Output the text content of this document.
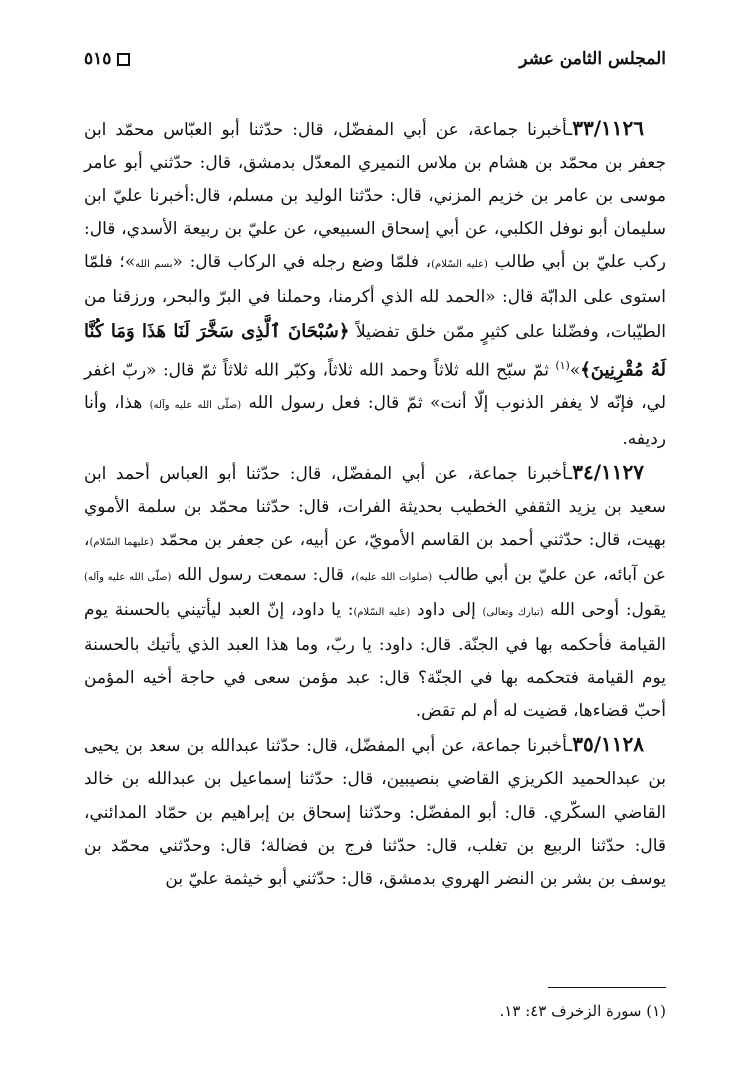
المجلس الثامن عشر
٥١٥

٣٣/١١٢٦ـأخبرنا جماعة، عن أبي المفضّل، قال: حدّثنا أبو العبّاس محمّد ابن جعفر بن محمّد بن هشام بن ملاس النميري المعدّل بدمشق، قال: حدّثني أبو عامر موسى بن عامر بن خزيم المزني، قال: حدّثنا الوليد بن مسلم، قال:أخبرنا عليّ ابن سليمان أبو نوفل الكلبي، عن أبي إسحاق السبيعي، عن عليّ بن ربيعة الأسدي، قال: ركب عليّ بن أبي طالب (عليه السّلام)، فلمّا وضع رجله في الركاب قال: «بسم الله»؛ فلمّا استوى على الدابّة قال: «الحمد لله الذي أكرمنا، وحملنا في البرّ والبحر، ورزقنا من الطيّبات، وفضّلنا على كثيرٍ ممّن خلق تفضيلاً ﴿سُبْحَانَ ٱلَّذِى سَخَّرَ لَنَا هَذَا وَمَا كُنَّا لَهُ مُقْرِنِينَ﴾»$^{(١)}$ ثمّ سبّح الله ثلاثاً وحمد الله ثلاثاً، وكبّر الله ثلاثاً ثمّ قال: «ربّ اغفر لي، فإنّه لا يغفر الذنوب إلّا أنت» ثمّ قال: فعل رسول الله (صلّى الله عليه وآله) هذا، وأنا رديفه.

٣٤/١١٢٧ـأخبرنا جماعة، عن أبي المفضّل، قال: حدّثنا أبو العباس أحمد ابن سعيد بن يزيد الثقفي الخطيب بحديثة الفرات، قال: حدّثنا محمّد بن سلمة الأموي بهيت، قال: حدّثني أحمد بن القاسم الأمويّ، عن أبيه، عن جعفر بن محمّد (عليهما السّلام)، عن آبائه، عن عليّ بن أبي طالب (صلوات الله عليه)، قال: سمعت رسول الله (صلّى الله عليه وآله) يقول: أوحى الله (تبارك وتعالى) إلى داود (عليه السّلام): يا داود، إنّ العبد ليأتيني بالحسنة يوم القيامة فأحكمه بها في الجنّة. قال: داود: يا ربّ، وما هذا العبد الذي يأتيك بالحسنة يوم القيامة فتحكمه بها في الجنّة؟ قال: عبد مؤمن سعى في حاجة أخيه المؤمن أحبّ قضاءها، قضيت له أم لم تقض.

٣٥/١١٢٨ـأخبرنا جماعة، عن أبي المفضّل، قال: حدّثنا عبدالله بن سعد بن يحيى بن عبدالحميد الكريزي القاضي بنصيبين، قال: حدّثنا إسماعيل بن عبدالله بن خالد القاضي السكّري. قال: أبو المفضّل: وحدّثنا إسحاق بن إبراهيم بن حمّاد المدائني، قال: حدّثنا الربيع بن تغلب، قال: حدّثنا فرج بن فضالة؛ قال: وحدّثني محمّد بن يوسف بن بشر بن النضر الهروي بدمشق، قال: حدّثني أبو خيثمة عليّ بن

(١) سورة الزخرف ٤٣: ١٣.
